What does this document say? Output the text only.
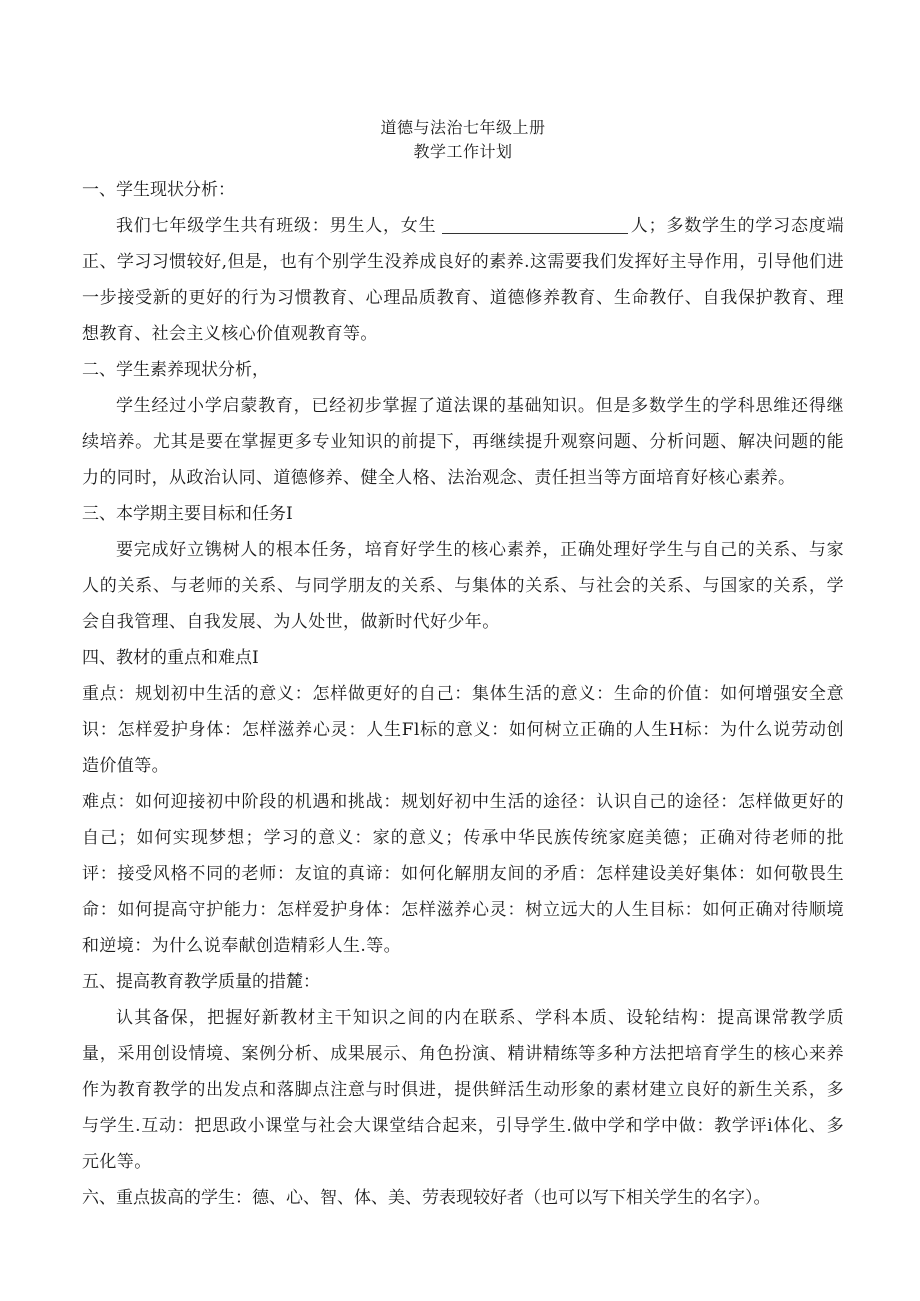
道德与法治七年级上册
教学工作计划
一、学生现状分析：

我们七年级学生共有班级：男生人，女生	人；多数学生的学习态度端正、学习习惯较好,但是，也有个别学生没养成良好的素养.这需要我们发挥好主导作用，引导他们进一步接受新的更好的行为习惯教育、心理品质教育、道德修养教育、生命教仔、自我保护教育、理想教育、社会主义核心价值观教育等。

二、学生素养现状分析，

学生经过小学启蒙教育，已经初步掌握了道法课的基础知识。但是多数学生的学科思维还得继续培养。尤其是要在掌握更多专业知识的前提下，再继续提升观察问题、分析问题、解决问题的能力的同时，从政治认同、道德修养、健全人格、法治观念、责任担当等方面培育好核心素养。

三、本学期主要目标和任务I

要完成好立镌树人的根本任务，培育好学生的核心素养，正确处理好学生与自己的关系、与家人的关系、与老师的关系、与同学朋友的关系、与集体的关系、与社会的关系、与国家的关系，学会自我管理、自我发展、为人处世，做新时代好少年。

四、教材的重点和难点I

重点：规划初中生活的意义：怎样做更好的自己：集体生活的意义：生命的价值：如何增强安全意识：怎样爱护身体：怎样滋养心灵：人生Fl标的意义：如何树立正确的人生H标：为什么说劳动创造价值等。

难点：如何迎接初中阶段的机遇和挑战：规划好初中生活的途径：认识自己的途径：怎样做更好的自己；如何实现梦想；学习的意义：家的意义；传承中华民族传统家庭美德；正确对待老师的批评：接受风格不同的老师：友谊的真谛：如何化解朋友间的矛盾：怎样建设美好集体：如何敬畏生命：如何提高守护能力：怎样爱护身体：怎样滋养心灵：树立远大的人生目标：如何正确对待顺境和逆境：为什么说奉献创造精彩人生.等。

五、提高教育教学质量的措麓：

认其备保，把握好新教材主干知识之间的内在联系、学科本质、设轮结构：提高课常教学质量，采用创设情境、案例分析、成果展示、角色扮演、精讲精练等多种方法把培育学生的核心来养作为教育教学的出发点和落脚点注意与时俱进，提供鲜活生动形象的素材建立良好的新生关系，多与学生.互动：把思政小课堂与社会大课堂结合起来，引导学生.做中学和学中做：教学评i体化、多元化等。

六、重点拔高的学生：德、心、智、体、美、劳表现较好者（也可以写下相关学生的名字）。
